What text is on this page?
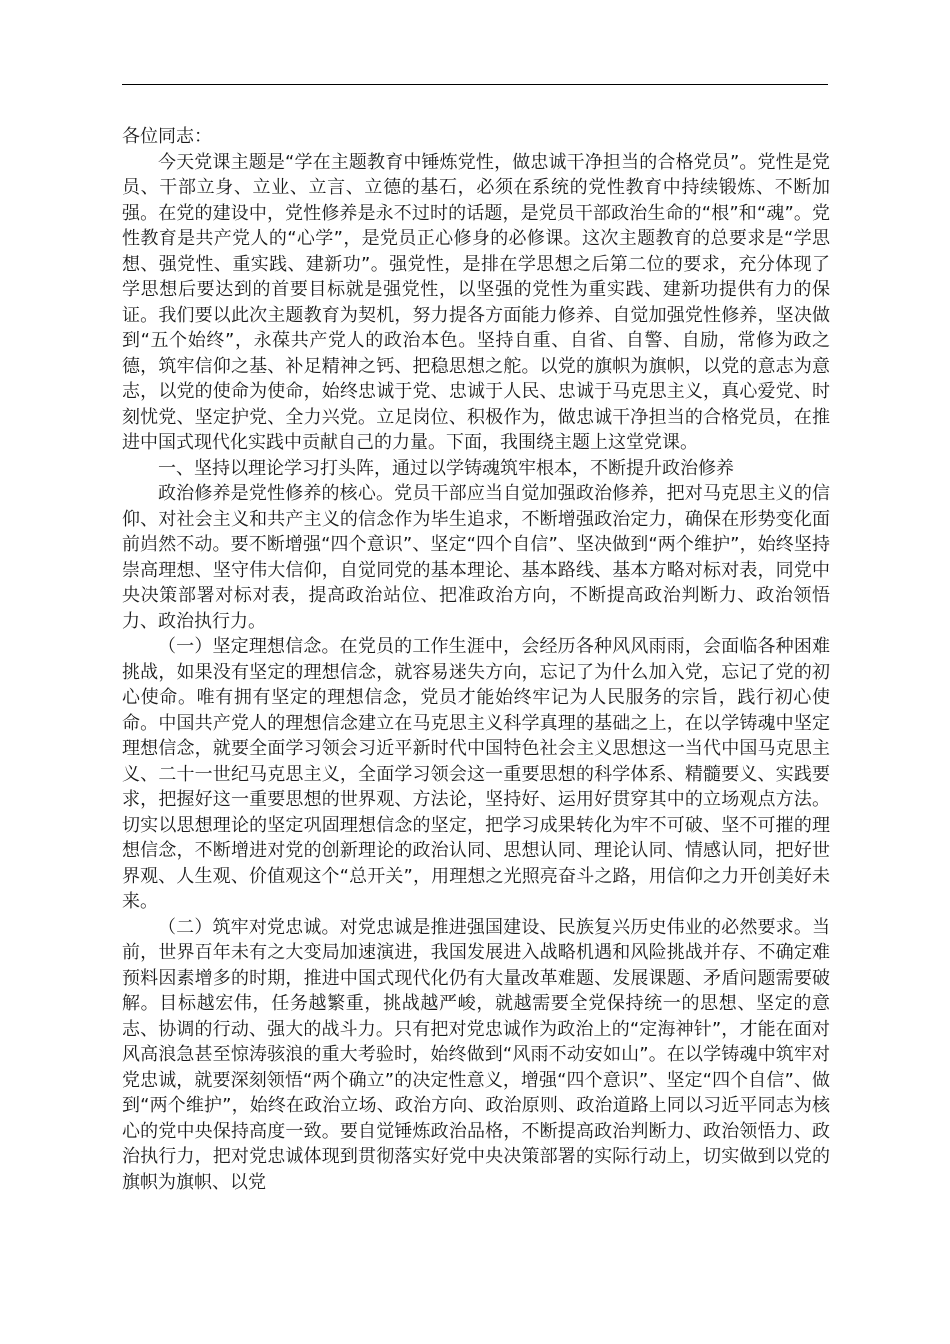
各位同志：

今天党课主题是“学在主题教育中锤炼党性，做忠诚干净担当的合格党员”。党性是党员、干部立身、立业、立言、立德的基石，必须在系统的党性教育中持续锻炼、不断加强。在党的建设中，党性修养是永不过时的话题，是党员干部政治生命的“根”和“魂”。党性教育是共产党人的“心学”，是党员正心修身的必修课。这次主题教育的总要求是“学思想、强党性、重实践、建新功”。强党性，是排在学思想之后第二位的要求，充分体现了学思想后要达到的首要目标就是强党性，以坚强的党性为重实践、建新功提供有力的保证。我们要以此次主题教育为契机，努力提各方面能力修养、自觉加强党性修养，坚决做到“五个始终”，永葆共产党人的政治本色。坚持自重、自省、自警、自励，常修为政之德，筑牢信仰之基、补足精神之钙、把稳思想之舵。以党的旗帜为旗帜，以党的意志为意志，以党的使命为使命，始终忠诚于党、忠诚于人民、忠诚于马克思主义，真心爱党、时刻忧党、坚定护党、全力兴党。立足岗位、积极作为，做忠诚干净担当的合格党员，在推进中国式现代化实践中贡献自己的力量。下面，我围绕主题上这堂党课。

一、坚持以理论学习打头阵，通过以学铸魂筑牢根本，不断提升政治修养

政治修养是党性修养的核心。党员干部应当自觉加强政治修养，把对马克思主义的信仰、对社会主义和共产主义的信念作为毕生追求，不断增强政治定力，确保在形势变化面前岿然不动。要不断增强“四个意识”、坚定“四个自信”、坚决做到“两个维护”，始终坚持崇高理想、坚守伟大信仰，自觉同党的基本理论、基本路线、基本方略对标对表，同党中央决策部署对标对表，提高政治站位、把准政治方向，不断提高政治判断力、政治领悟力、政治执行力。

（一）坚定理想信念。在党员的工作生涯中，会经历各种风风雨雨，会面临各种困难挑战，如果没有坚定的理想信念，就容易迷失方向，忘记了为什么加入党，忘记了党的初心使命。唯有拥有坚定的理想信念，党员才能始终牢记为人民服务的宗旨，践行初心使命。中国共产党人的理想信念建立在马克思主义科学真理的基础之上，在以学铸魂中坚定理想信念，就要全面学习领会习近平新时代中国特色社会主义思想这一当代中国马克思主义、二十一世纪马克思主义，全面学习领会这一重要思想的科学体系、精髓要义、实践要求，把握好这一重要思想的世界观、方法论，坚持好、运用好贯穿其中的立场观点方法。切实以思想理论的坚定巩固理想信念的坚定，把学习成果转化为牢不可破、坚不可摧的理想信念，不断增进对党的创新理论的政治认同、思想认同、理论认同、情感认同，把好世界观、人生观、价值观这个“总开关”，用理想之光照亮奋斗之路，用信仰之力开创美好未来。

（二）筑牢对党忠诚。对党忠诚是推进强国建设、民族复兴历史伟业的必然要求。当前，世界百年未有之大变局加速演进，我国发展进入战略机遇和风险挑战并存、不确定难预料因素增多的时期，推进中国式现代化仍有大量改革难题、发展课题、矛盾问题需要破解。目标越宏伟，任务越繁重，挑战越严峻，就越需要全党保持统一的思想、坚定的意志、协调的行动、强大的战斗力。只有把对党忠诚作为政治上的“定海神针”，才能在面对风高浪急甚至惊涛骇浪的重大考验时，始终做到“风雨不动安如山”。在以学铸魂中筑牢对党忠诚，就要深刻领悟“两个确立”的决定性意义，增强“四个意识”、坚定“四个自信”、做到“两个维护”，始终在政治立场、政治方向、政治原则、政治道路上同以习近平同志为核心的党中央保持高度一致。要自觉锤炼政治品格，不断提高政治判断力、政治领悟力、政治执行力，把对党忠诚体现到贯彻落实好党中央决策部署的实际行动上，切实做到以党的旗帜为旗帜、以党
